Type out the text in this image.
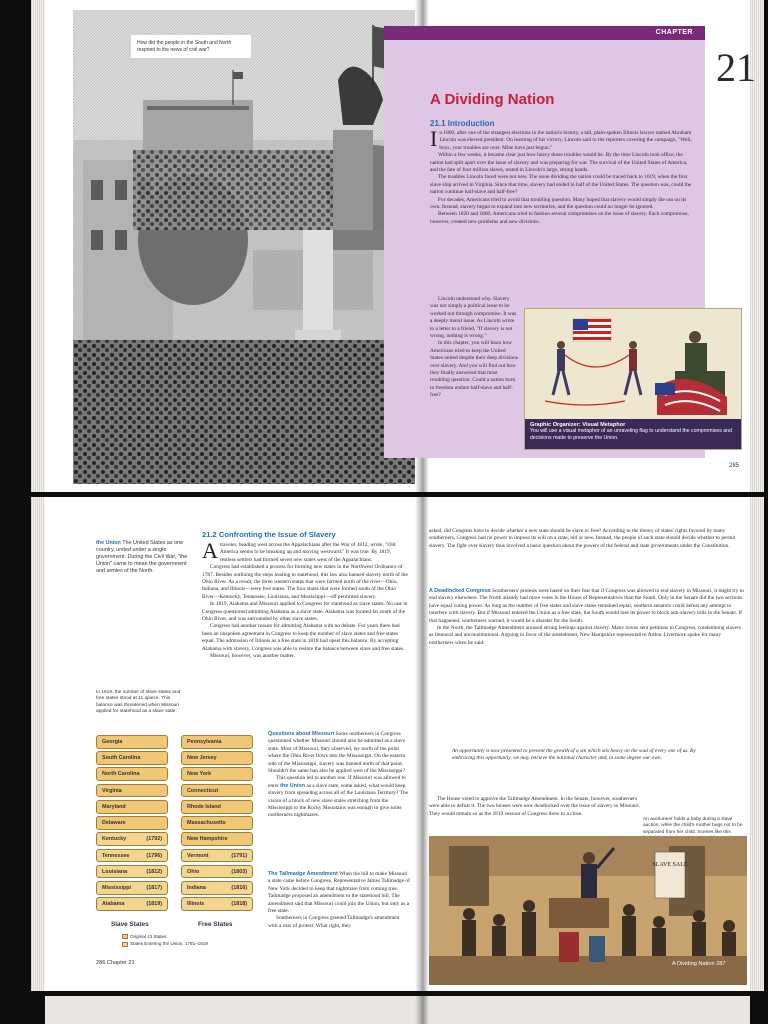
How did the people in the South and North respond to the news of civil war?
CHAPTER
21
A Dividing Nation
21.1 Introduction

In 1860, after one of the strangest elections in the nation's history, a tall, plain-spoken Illinois lawyer named Abraham Lincoln was elected president. On learning of his victory, Lincoln said to the reporters covering the campaign, "Well, boys, your troubles are over. Mine have just begun."

Within a few weeks, it became clear just how heavy those troubles would be. By the time Lincoln took office, the nation had split apart over the issue of slavery and was preparing for war. The survival of the United States of America, and the fate of four million slaves, rested in Lincoln's large, strong hands.

The troubles Lincoln faced were not new. The issue dividing the nation could be traced back to 1619, when the first slave ship arrived in Virginia. Since that time, slavery had ended in half of the United States. The question was, could the nation continue half-slave and half-free?

For decades, Americans tried to avoid that troubling question. Many hoped that slavery would simply die out on its own. Instead, slavery began to expand into new territories, and the question could no longer be ignored.

Between 1820 and 1860, Americans tried to fashion several compromises on the issue of slavery. Each compromise, however, created new problems and new divisions.

Lincoln understood why. Slavery was not simply a political issue to be worked out through compromise. It was a deeply moral issue. As Lincoln wrote to a letter to a friend, "If slavery is not wrong, nothing is wrong."

In this chapter, you will learn how Americans tried to keep the United States united despite their deep divisions over slavery. And you will find out how they finally answered that most troubling question: Could a nation born in freedom endure half-slave and half-free?

Graphic Organizer: Visual Metaphor
You will use a visual metaphor of an unraveling flag to understand the compromises and decisions made to preserve the Union.
285
the Union The United States as one country, united under a single government. During the Civil War, "the Union" came to mean the government and armies of the North.
In 1819, the number of slave states and free states stood at 11 apiece. This balance was threatened when Missouri applied for statehood as a slave state.
Georgia
South Carolina
North Carolina
Virginia
Maryland
Delaware
Kentucky	(1792)
Tennessee	(1796)
Louisiana	(1812)
Mississippi	(1817)
Alabama	(1819)
Pennsylvania
New Jersey
New York
Connecticut
Rhode Island
Massachusetts
New Hampshire
Vermont	(1791)
Ohio	(1803)
Indiana	(1816)
Illinois	(1818)
Slave States	Free States
Original 13 States
States Entering the Union, 1791–1819
21.2 Confronting the Issue of Slavery

Atraveler, heading west across the Appalachians after the War of 1812, wrote, "Old America seems to be breaking up and moving westward." It was true. By 1819, restless settlers had formed seven new states west of the Appalachians.

Congress had established a process for forming new states in the Northwest Ordinance of 1787. Besides outlining the steps leading to statehood, this law also banned slavery north of the Ohio River. As a result, the three western states that were formed north of the river—Ohio, Indiana, and Illinois—were free states. The four states that were formed south of the Ohio River—Kentucky, Tennessee, Louisiana, and Mississippi—off permitted slavery.

In 1819, Alabama and Missouri applied to Congress for statehood as slave states. No one in Congress questioned admitting Alabama as a slave state. Alabama was located far south of the Ohio River, and was surrounded by other slave states.

Congress had another reason for admitting Alabama with no debate. For years there had been an unspoken agreement in Congress to keep the number of slave states and free states equal. The admission of Illinois as a free state in 1818 had upset this balance. By accepting Alabama with slavery, Congress was able to restore the balance between slave and free states.

Missouri, however, was another matter.

Questions about Missouri Some northerners in Congress questioned whether Missouri should also be admitted as a slave state. Most of Missouri, they observed, lay north of the point where the Ohio River flows into the Mississippi. On the eastern side of the Mississippi, slavery was banned north of that point. Shouldn't the same ban also be applied west of the Mississippi?

This question led to another one. If Missouri was allowed to enter the Union as a slave state, some asked, what would keep slavery from spreading across all of the Louisiana Territory? The vision of a block of new slave states stretching from the Mississippi to the Rocky Mountains was enough to give some northerners nightmares.

The Tallmadge Amendment When the bill to make Missouri a state came before Congress, Representative James Tallmadge of New York decided to keep that nightmare from coming true. Tallmadge proposed an amendment to the statehood bill. The amendment said that Missouri could join the Union, but only as a free state.

Southerners in Congress greeted Tallmadge's amendment with a roar of protest. What right, they

asked, did Congress have to decide whether a new state should be slave or free? According to the theory of states' rights favored by many southerners, Congress had no power to impose its will on a state, old or new. Instead, the people of each state should decide whether to permit slavery. The fight over slavery thus involved a basic question about the powers of the federal and state governments under the Constitution.

A Deadlocked Congress Southerners' protests were based on their fear that if Congress was allowed to end slavery in Missouri, it might try to end slavery elsewhere. The North already had more votes in the House of Representatives than the South. Only in the Senate did the two sections have equal voting power. As long as the number of free states and slave states remained equal, southern senators could defeat any attempt to interfere with slavery. But if Missouri entered the Union as a free state, the South would lose its power to block anti-slavery bills in the Senate. If that happened, southerners warned, it would be a disaster for the South.

In the North, the Tallmadge Amendment aroused strong feelings against slavery. Many towns sent petitions to Congress, condemning slavery as immoral and unconstitutional. Arguing in favor of the amendment, New Hampshire representative Arthur Livermore spoke for many northerners when he said:

An opportunity is now presented to prevent the growth of a sin which sits heavy on the soul of every one of us. By embracing this opportunity, we may retrieve the national character and, in some degree our own.

The House voted to approve the Tallmadge Amendment. In the Senate, however, southerners were able to defeat it. The two houses were now deadlocked over the issue of slavery in Missouri. They would remain so as the 1819 session of Congress drew to a close.

An auctioneer holds a baby during a slave auction, while the child's mother begs not to be separated from her child. Scenes like this
SLAVE SALE
286 Chapter 21	A Dividing Nation 287
